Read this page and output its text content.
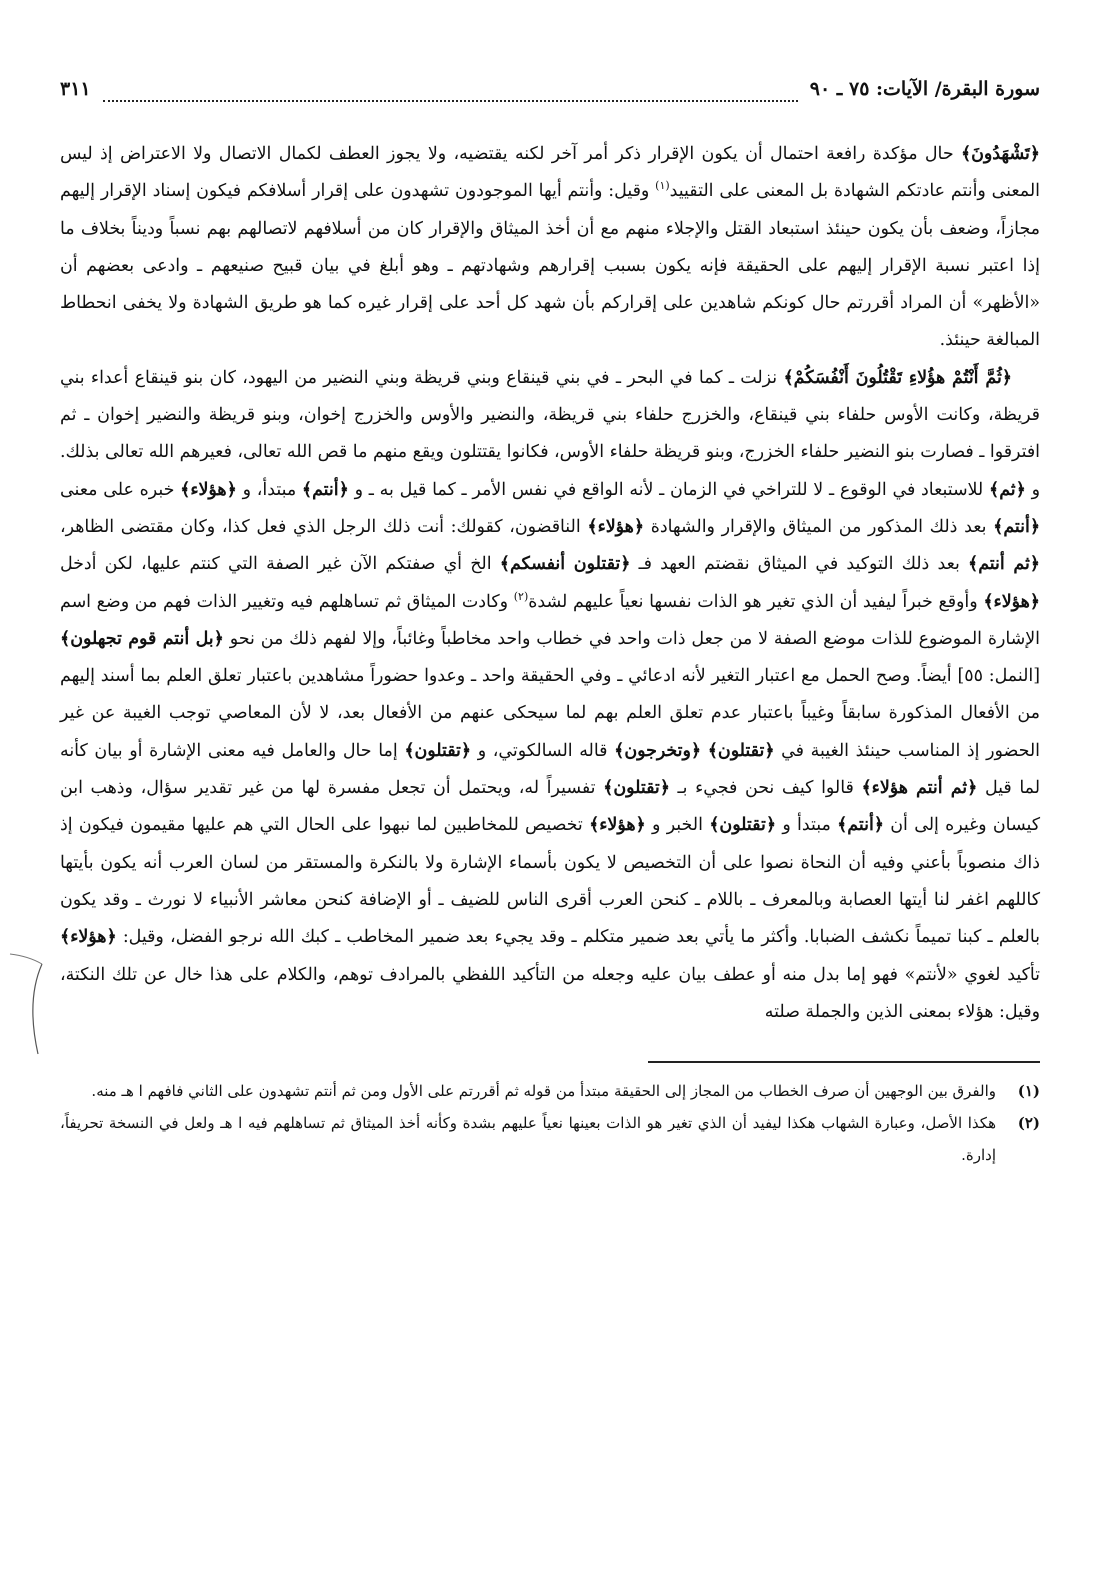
سورة البقرة/ الآيات: ٧٥ ـ ٩٠
٣١١

﴿تَشْهَدُونَ﴾ حال مؤكدة رافعة احتمال أن يكون الإقرار ذكر أمر آخر لكنه يقتضيه، ولا يجوز العطف لكمال الاتصال ولا الاعتراض إذ ليس المعنى وأنتم عادتكم الشهادة بل المعنى على التقييد$^{(١)}$ وقيل: وأنتم أيها الموجودون تشهدون على إقرار أسلافكم فيكون إسناد الإقرار إليهم مجازاً، وضعف بأن يكون حينئذ استبعاد القتل والإجلاء منهم مع أن أخذ الميثاق والإقرار كان من أسلافهم لاتصالهم بهم نسباً وديناً بخلاف ما إذا اعتبر نسبة الإقرار إليهم على الحقيقة فإنه يكون بسبب إقرارهم وشهادتهم ـ وهو أبلغ في بيان قبيح صنيعهم ـ وادعى بعضهم أن «الأظهر» أن المراد أقررتم حال كونكم شاهدين على إقراركم بأن شهد كل أحد على إقرار غيره كما هو طريق الشهادة ولا يخفى انحطاط المبالغة حينئذ.

﴿ثُمَّ أَنْتُمْ هؤُلاءِ تَقْتُلُونَ أَنْفُسَكُمْ﴾ نزلت ـ كما في البحر ـ في بني قينقاع وبني قريظة وبني النضير من اليهود، كان بنو قينقاع أعداء بني قريظة، وكانت الأوس حلفاء بني قينقاع، والخزرج حلفاء بني قريظة، والنضير والأوس والخزرج إخوان، وبنو قريظة والنضير إخوان ـ ثم افترقوا ـ فصارت بنو النضير حلفاء الخزرج، وبنو قريظة حلفاء الأوس، فكانوا يقتتلون ويقع منهم ما قص الله تعالى، فعيرهم الله تعالى بذلك. و ﴿ثم﴾ للاستبعاد في الوقوع ـ لا للتراخي في الزمان ـ لأنه الواقع في نفس الأمر ـ كما قيل به ـ و ﴿أنتم﴾ مبتدأ، و ﴿هؤلاء﴾ خبره على معنى ﴿أنتم﴾ بعد ذلك المذكور من الميثاق والإقرار والشهادة ﴿هؤلاء﴾ الناقضون، كقولك: أنت ذلك الرجل الذي فعل كذا، وكان مقتضى الظاهر، ﴿ثم أنتم﴾ بعد ذلك التوكيد في الميثاق نقضتم العهد فـ ﴿تقتلون أنفسكم﴾ الخ أي صفتكم الآن غير الصفة التي كنتم عليها، لكن أدخل ﴿هؤلاء﴾ وأوقع خبراً ليفيد أن الذي تغير هو الذات نفسها نعياً عليهم لشدة$^{(٢)}$ وكادت الميثاق ثم تساهلهم فيه وتغيير الذات فهم من وضع اسم الإشارة الموضوع للذات موضع الصفة لا من جعل ذات واحد في خطاب واحد مخاطباً وغائباً، وإلا لفهم ذلك من نحو ﴿بل أنتم قوم تجهلون﴾ [النمل: ٥٥] أيضاً. وصح الحمل مع اعتبار التغير لأنه ادعائي ـ وفي الحقيقة واحد ـ وعدوا حضوراً مشاهدين باعتبار تعلق العلم بما أسند إليهم من الأفعال المذكورة سابقاً وغيباً باعتبار عدم تعلق العلم بهم لما سيحكى عنهم من الأفعال بعد، لا لأن المعاصي توجب الغيبة عن غير الحضور إذ المناسب حينئذ الغيبة في ﴿تقتلون﴾ ﴿وتخرجون﴾ قاله السالكوتي، و ﴿تقتلون﴾ إما حال والعامل فيه معنى الإشارة أو بيان كأنه لما قيل ﴿ثم أنتم هؤلاء﴾ قالوا كيف نحن فجيء بـ ﴿تقتلون﴾ تفسيراً له، ويحتمل أن تجعل مفسرة لها من غير تقدير سؤال، وذهب ابن كيسان وغيره إلى أن ﴿أنتم﴾ مبتدأ و ﴿تقتلون﴾ الخبر و ﴿هؤلاء﴾ تخصيص للمخاطبين لما نبهوا على الحال التي هم عليها مقيمون فيكون إذ ذاك منصوباً بأعني وفيه أن النحاة نصوا على أن التخصيص لا يكون بأسماء الإشارة ولا بالنكرة والمستقر من لسان العرب أنه يكون بأيتها كاللهم اغفر لنا أيتها العصابة وبالمعرف ـ باللام ـ كنحن العرب أقرى الناس للضيف ـ أو الإضافة كنحن معاشر الأنبياء لا نورث ـ وقد يكون بالعلم ـ كبنا تميماً نكشف الضبابا. وأكثر ما يأتي بعد ضمير متكلم ـ وقد يجيء بعد ضمير المخاطب ـ كبك الله نرجو الفضل، وقيل: ﴿هؤلاء﴾ تأكيد لغوي «لأنتم» فهو إما بدل منه أو عطف بيان عليه وجعله من التأكيد اللفظي بالمرادف توهم، والكلام على هذا خال عن تلك النكتة، وقيل: هؤلاء بمعنى الذين والجملة صلته

(١)
والفرق بين الوجهين أن صرف الخطاب من المجاز إلى الحقيقة مبتدأ من قوله ثم أقررتم على الأول ومن ثم أنتم تشهدون على الثاني فافهم ا هـ منه.
(٢)
هكذا الأصل، وعبارة الشهاب هكذا ليفيد أن الذي تغير هو الذات بعينها نعياً عليهم بشدة وكأنه أخذ الميثاق ثم تساهلهم فيه ا هـ ولعل في النسخة تحريفاً، إدارة.
